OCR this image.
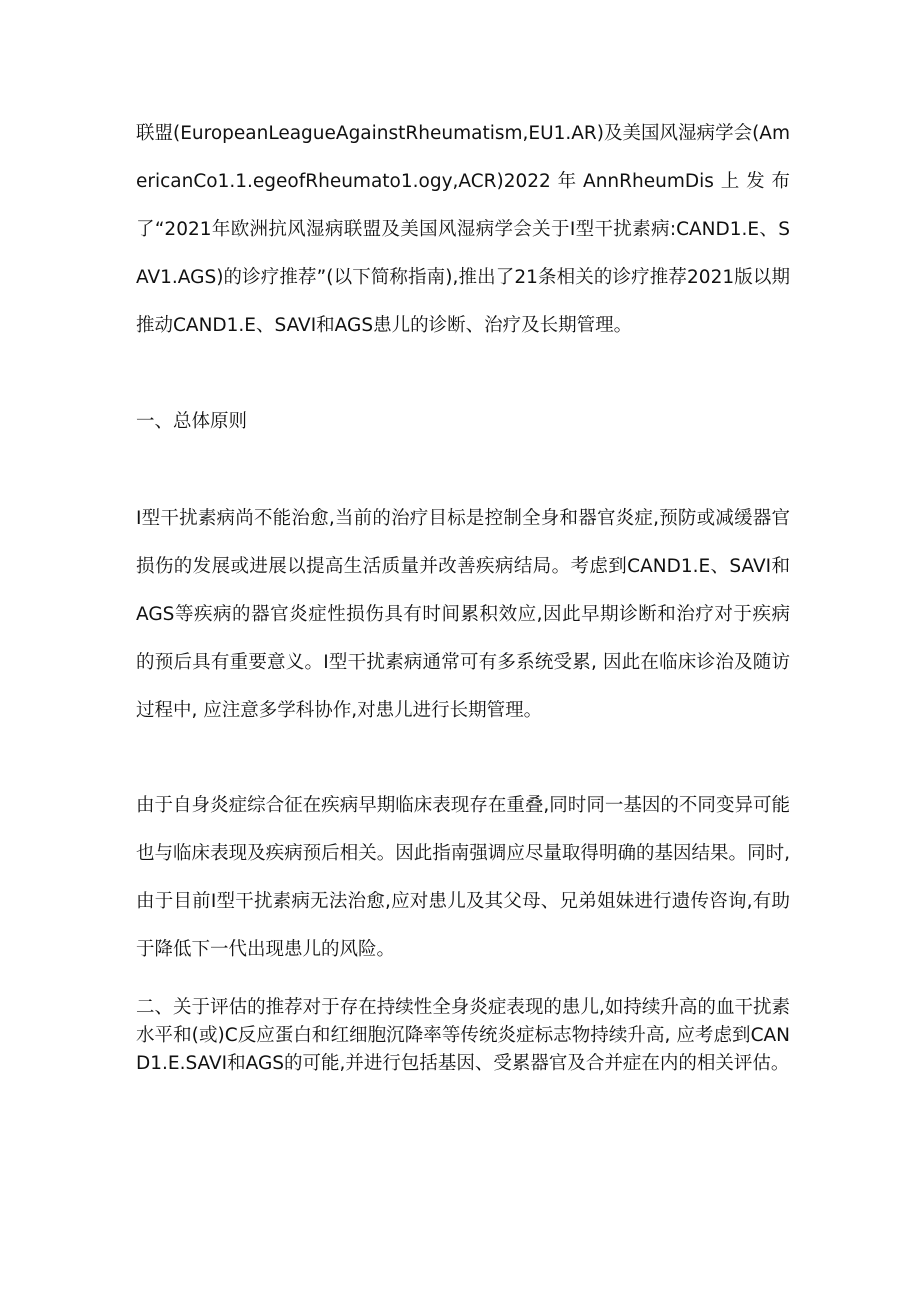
联盟(EuropeanLeagueAgainstRheumatism,EU1.AR)及美国风湿病学会(AmericanCo1.1.egeofRheumato1.ogy,ACR)2022年AnnRheumDis上发布了“2021年欧洲抗风湿病联盟及美国风湿病学会关于Ⅰ型干扰素病:CAND1.E、SAV1.AGS)的诊疗推荐”(以下简称指南),推出了21条相关的诊疗推荐2021版以期推动CAND1.E、SAVI和AGS患儿的诊断、治疗及长期管理。

一、总体原则

Ⅰ型干扰素病尚不能治愈,当前的治疗目标是控制全身和器官炎症,预防或减缓器官损伤的发展或进展以提高生活质量并改善疾病结局。考虑到CAND1.E、SAVI和AGS等疾病的器官炎症性损伤具有时间累积效应,因此早期诊断和治疗对于疾病的预后具有重要意义。Ⅰ型干扰素病通常可有多系统受累, 因此在临床诊治及随访过程中, 应注意多学科协作,对患儿进行长期管理。

由于自身炎症综合征在疾病早期临床表现存在重叠,同时同一基因的不同变异可能也与临床表现及疾病预后相关。因此指南强调应尽量取得明确的基因结果。同时,由于目前Ⅰ型干扰素病无法治愈,应对患儿及其父母、兄弟姐妹进行遗传咨询,有助于降低下一代出现患儿的风险。

二、关于评估的推荐对于存在持续性全身炎症表现的患儿,如持续升高的血干扰素水平和(或)C反应蛋白和红细胞沉降率等传统炎症标志物持续升高, 应考虑到CAND1.E.SAVI和AGS的可能,并进行包括基因、受累器官及合并症在内的相关评估。
